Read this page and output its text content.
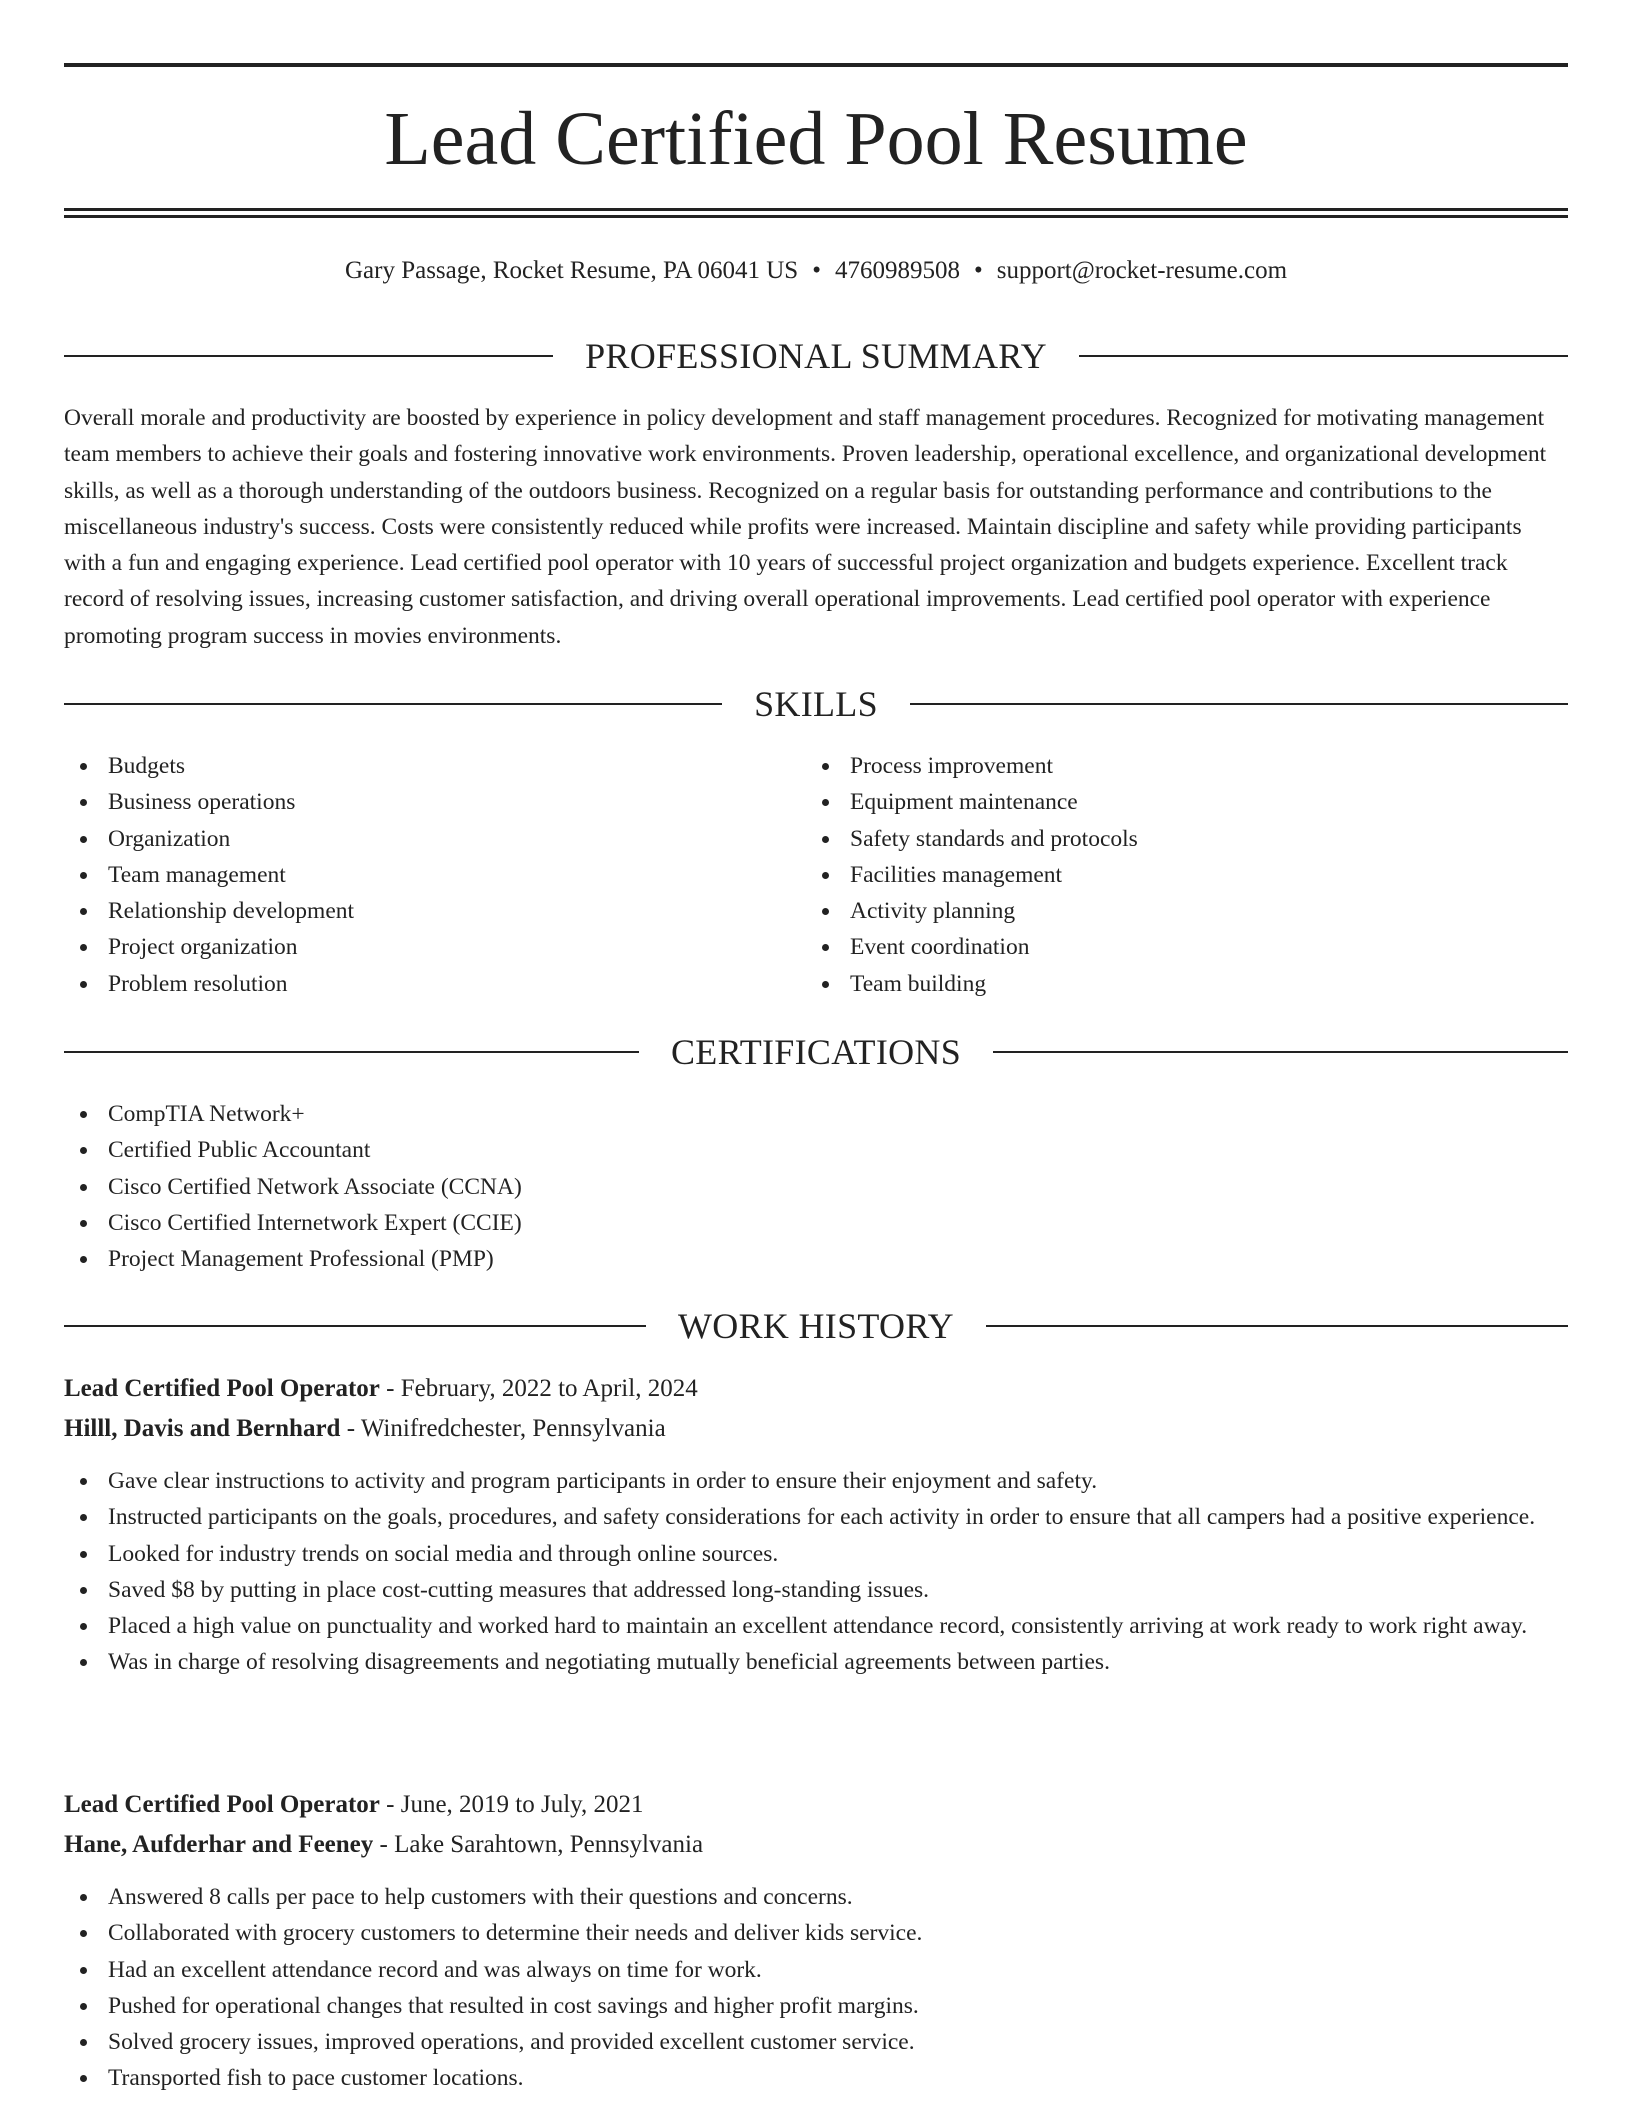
Lead Certified Pool Resume
Gary Passage, Rocket Resume, PA 06041 US • 4760989508 • support@rocket-resume.com
PROFESSIONAL SUMMARY

Overall morale and productivity are boosted by experience in policy development and staff management procedures. Recognized for motivating management team members to achieve their goals and fostering innovative work environments. Proven leadership, operational excellence, and organizational development skills, as well as a thorough understanding of the outdoors business. Recognized on a regular basis for outstanding performance and contributions to the miscellaneous industry's success. Costs were consistently reduced while profits were increased. Maintain discipline and safety while providing participants with a fun and engaging experience. Lead certified pool operator with 10 years of successful project organization and budgets experience. Excellent track record of resolving issues, increasing customer satisfaction, and driving overall operational improvements. Lead certified pool operator with experience promoting program success in movies environments.

SKILLS
Budgets
Business operations
Organization
Team management
Relationship development
Project organization
Problem resolution
Process improvement
Equipment maintenance
Safety standards and protocols
Facilities management
Activity planning
Event coordination
Team building
CERTIFICATIONS
CompTIA Network+
Certified Public Accountant
Cisco Certified Network Associate (CCNA)
Cisco Certified Internetwork Expert (CCIE)
Project Management Professional (PMP)
WORK HISTORY
Lead Certified Pool Operator - February, 2022 to April, 2024
Hilll, Davis and Bernhard - Winifredchester, Pennsylvania
Gave clear instructions to activity and program participants in order to ensure their enjoyment and safety.
Instructed participants on the goals, procedures, and safety considerations for each activity in order to ensure that all campers had a positive experience.
Looked for industry trends on social media and through online sources.
Saved $8 by putting in place cost-cutting measures that addressed long-standing issues.
Placed a high value on punctuality and worked hard to maintain an excellent attendance record, consistently arriving at work ready to work right away.
Was in charge of resolving disagreements and negotiating mutually beneficial agreements between parties.
Lead Certified Pool Operator - June, 2019 to July, 2021
Hane, Aufderhar and Feeney - Lake Sarahtown, Pennsylvania
Answered 8 calls per pace to help customers with their questions and concerns.
Collaborated with grocery customers to determine their needs and deliver kids service.
Had an excellent attendance record and was always on time for work.
Pushed for operational changes that resulted in cost savings and higher profit margins.
Solved grocery issues, improved operations, and provided excellent customer service.
Transported fish to pace customer locations.
